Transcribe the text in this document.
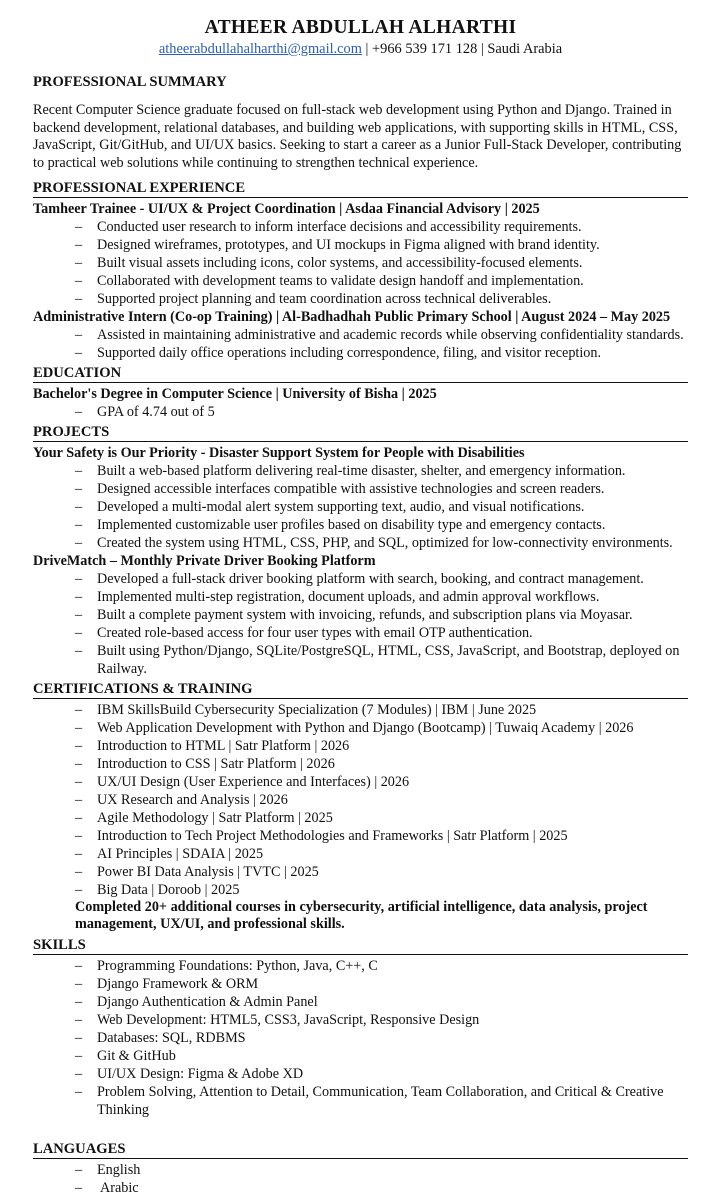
ATHEER ABDULLAH ALHARTHI

atheerabdullahalharthi@gmail.com | +966 539 171 128 | Saudi Arabia

PROFESSIONAL SUMMARY

Recent Computer Science graduate focused on full-stack web development using Python and Django. Trained in backend development, relational databases, and building web applications, with supporting skills in HTML, CSS, JavaScript, Git/GitHub, and UI/UX basics. Seeking to start a career as a Junior Full-Stack Developer, contributing to practical web solutions while continuing to strengthen technical experience.

PROFESSIONAL EXPERIENCE
Tamheer Trainee - UI/UX & Project Coordination | Asdaa Financial Advisory | 2025
– Conducted user research to inform interface decisions and accessibility requirements.
– Designed wireframes, prototypes, and UI mockups in Figma aligned with brand identity.
– Built visual assets including icons, color systems, and accessibility-focused elements.
– Collaborated with development teams to validate design handoff and implementation.
– Supported project planning and team coordination across technical deliverables.
Administrative Intern (Co-op Training) | Al-Badhadhah Public Primary School | August 2024 – May 2025
– Assisted in maintaining administrative and academic records while observing confidentiality standards.
– Supported daily office operations including correspondence, filing, and visitor reception.
EDUCATION
Bachelor's Degree in Computer Science | University of Bisha | 2025
– GPA of 4.74 out of 5
PROJECTS
Your Safety is Our Priority - Disaster Support System for People with Disabilities
– Built a web-based platform delivering real-time disaster, shelter, and emergency information.
– Designed accessible interfaces compatible with assistive technologies and screen readers.
– Developed a multi-modal alert system supporting text, audio, and visual notifications.
– Implemented customizable user profiles based on disability type and emergency contacts.
– Created the system using HTML, CSS, PHP, and SQL, optimized for low-connectivity environments.
DriveMatch – Monthly Private Driver Booking Platform
– Developed a full-stack driver booking platform with search, booking, and contract management.
– Implemented multi-step registration, document uploads, and admin approval workflows.
– Built a complete payment system with invoicing, refunds, and subscription plans via Moyasar.
– Created role-based access for four user types with email OTP authentication.
– Built using Python/Django, SQLite/PostgreSQL, HTML, CSS, JavaScript, and Bootstrap, deployed on Railway.
CERTIFICATIONS & TRAINING
– IBM SkillsBuild Cybersecurity Specialization (7 Modules) | IBM | June 2025
– Web Application Development with Python and Django (Bootcamp) | Tuwaiq Academy | 2026
– Introduction to HTML | Satr Platform | 2026
– Introduction to CSS | Satr Platform | 2026
– UX/UI Design (User Experience and Interfaces) | 2026
– UX Research and Analysis | 2026
– Agile Methodology | Satr Platform | 2025
– Introduction to Tech Project Methodologies and Frameworks | Satr Platform | 2025
– AI Principles | SDAIA | 2025
– Power BI Data Analysis | TVTC | 2025
– Big Data | Doroob | 2025

Completed 20+ additional courses in cybersecurity, artificial intelligence, data analysis, project management, UX/UI, and professional skills.

SKILLS
– Programming Foundations: Python, Java, C++, C
– Django Framework & ORM
– Django Authentication & Admin Panel
– Web Development: HTML5, CSS3, JavaScript, Responsive Design
– Databases: SQL, RDBMS
– Git & GitHub
– UI/UX Design: Figma & Adobe XD
– Problem Solving, Attention to Detail, Communication, Team Collaboration, and Critical & Creative Thinking
LANGUAGES
– English
– Arabic
